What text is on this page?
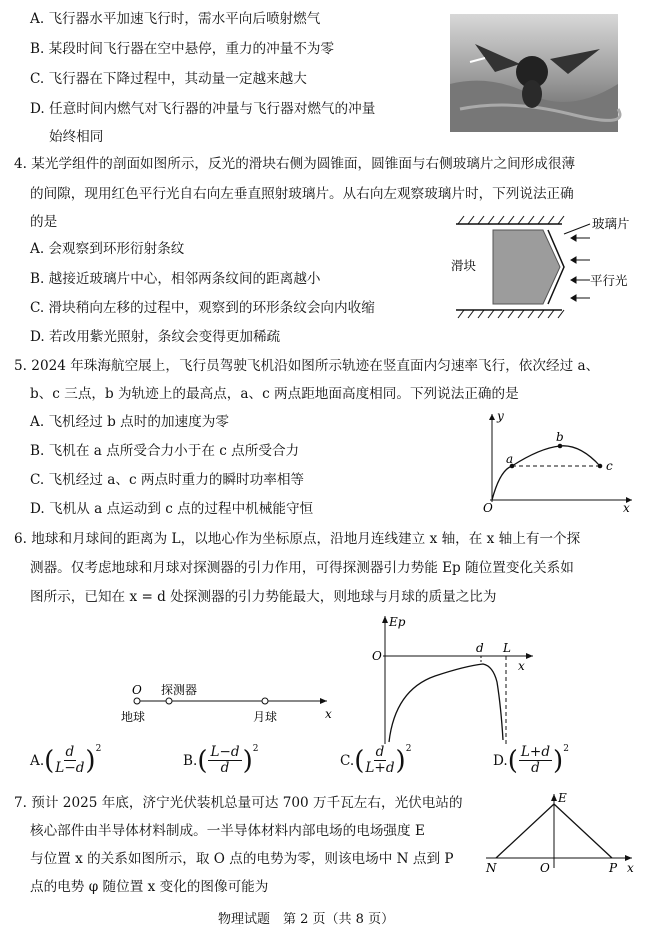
A. 飞行器水平加速飞行时，需水平向后喷射燃气
B. 某段时间飞行器在空中悬停，重力的冲量不为零
C. 飞行器在下降过程中，其动量一定越来越大
D. 任意时间内燃气对飞行器的冲量与飞行器对燃气的冲量
始终相同
4. 某光学组件的剖面如图所示，反光的滑块右侧为圆锥面，圆锥面与右侧玻璃片之间形成很薄
的间隙，现用红色平行光自右向左垂直照射玻璃片。从右向左观察玻璃片时，下列说法正确
的是
A. 会观察到环形衍射条纹
B. 越接近玻璃片中心，相邻两条纹间的距离越小
C. 滑块稍向左移的过程中，观察到的环形条纹会向内收缩
D. 若改用紫光照射，条纹会变得更加稀疏
玻璃片
滑块
平行光
5. 2024 年珠海航空展上，飞行员驾驶飞机沿如图所示轨迹在竖直面内匀速率飞行，依次经过 a、
b、c 三点，b 为轨迹上的最高点，a、c 两点距地面高度相同。下列说法正确的是
A. 飞机经过 b 点时的加速度为零
B. 飞机在 a 点所受合力小于在 c 点所受合力
C. 飞机经过 a、c 两点时重力的瞬时功率相等
D. 飞机从 a 点运动到 c 点的过程中机械能守恒
y
x
O
a
b
c
6. 地球和月球间的距离为 L，以地心作为坐标原点，沿地月连线建立 x 轴，在 x 轴上有一个探
测器。仅考虑地球和月球对探测器的引力作用，可得探测器引力势能 Ep 随位置变化关系如
图所示，已知在 x = d 处探测器的引力势能最大，则地球与月球的质量之比为
O 探测器
地球	月球	x
Ep
O
d L
x
A. ( $\frac{d}{L-d}$ ) 2
B. ( $\frac{L-d}{d}$ ) 2
C. ( $\frac{d}{L+d}$ ) 2
D. ( $\frac{L+d}{d}$ ) 2
7. 预计 2025 年底，济宁光伏装机总量可达 700 万千瓦左右，光伏电站的
核心部件由半导体材料制成。一半导体材料内部电场的电场强度 E
与位置 x 的关系如图所示，取 O 点的电势为零，则该电场中 N 点到 P
点的电势 φ 随位置 x 变化的图像可能为
E
N	O	P x
物理试题　第 2 页（共 8 页）
